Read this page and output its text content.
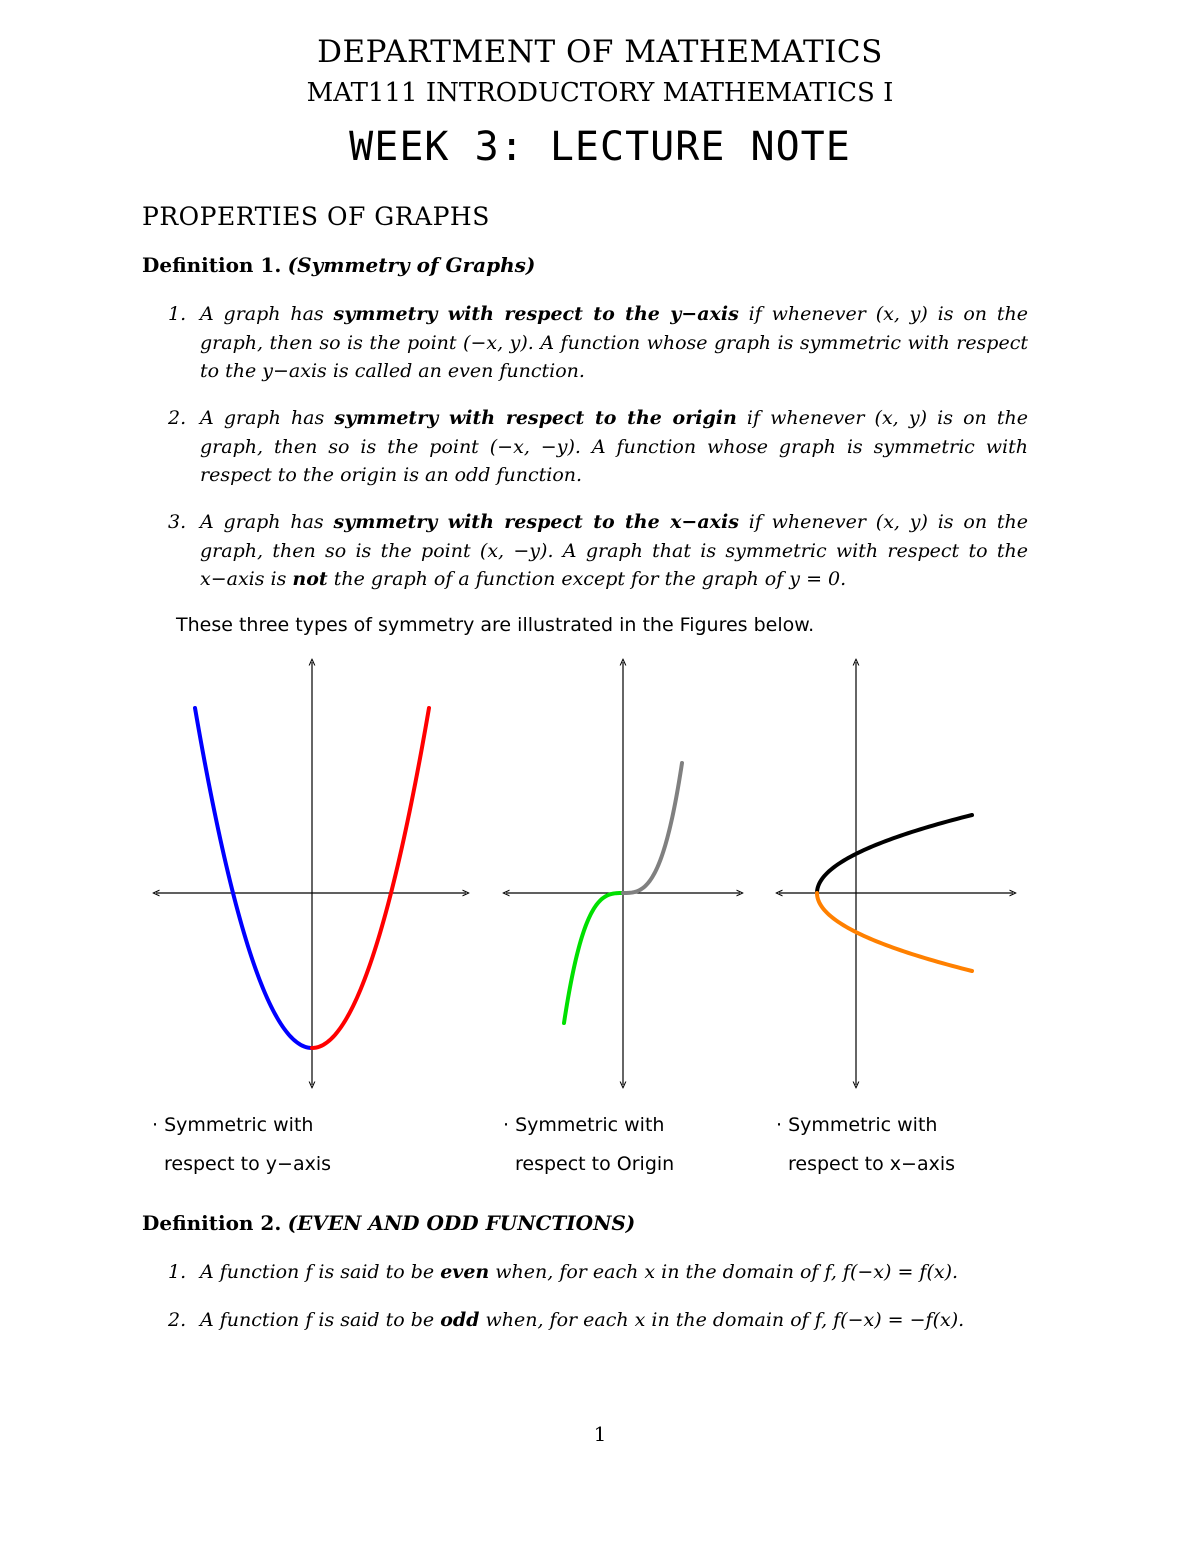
DEPARTMENT OF MATHEMATICS
MAT111 INTRODUCTORY MATHEMATICS I
WEEK 3: LECTURE NOTE
PROPERTIES OF GRAPHS
Definition 1. (Symmetry of Graphs)
1. A graph has symmetry with respect to the y−axis if whenever (x, y) is on the graph, then so is the point (−x, y). A function whose graph is symmetric with respect to the y−axis is called an even function.
2. A graph has symmetry with respect to the origin if whenever (x, y) is on the graph, then so is the point (−x, −y). A function whose graph is symmetric with respect to the origin is an odd function.
3. A graph has symmetry with respect to the x−axis if whenever (x, y) is on the graph, then so is the point (x, −y). A graph that is symmetric with respect to the x−axis is not the graph of a function except for the graph of y = 0.
These three types of symmetry are illustrated in the Figures below.
· Symmetric with
respect to y−axis
· Symmetric with
respect to Origin
· Symmetric with
respect to x−axis
Definition 2. (EVEN AND ODD FUNCTIONS)
1. A function f is said to be even when, for each x in the domain of f, f(−x) = f(x).
2. A function f is said to be odd when, for each x in the domain of f, f(−x) = −f(x).
1
